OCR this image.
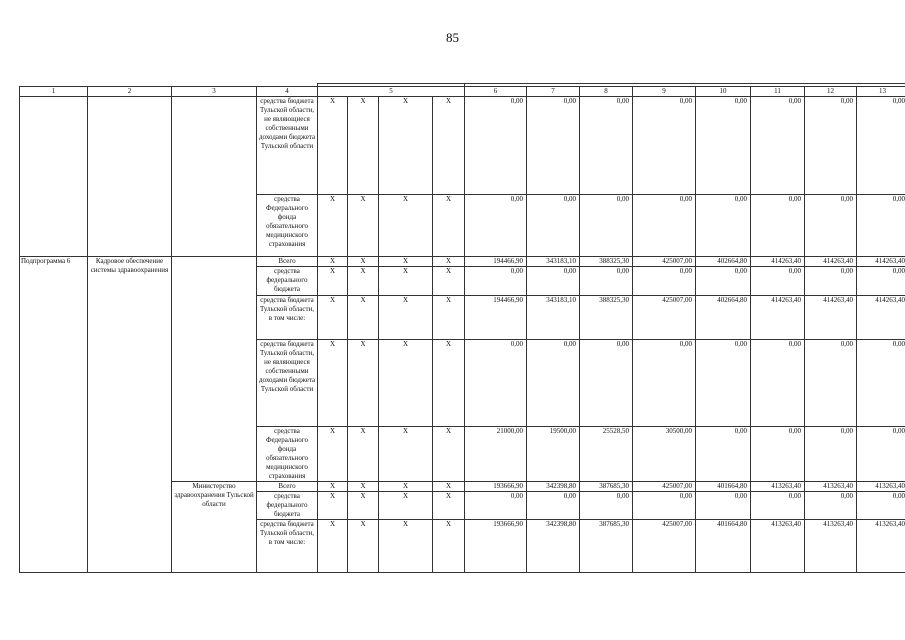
85

1	2	3	4	5				6	7	8	9	10	11	12	13
			средства бюджета Тульской области, не являющиеся собственными доходами бюджета Тульской области	X	X	X	X	0,00	0,00	0,00	0,00	0,00	0,00	0,00	0,00
			средства Федерального фонда обязательного медицинского страхования	X	X	X	X	0,00	0,00	0,00	0,00	0,00	0,00	0,00	0,00
Подпрограмма 6	Кадровое обеспечение системы здравоохранения		Всего	X	X	X	X	194466,90	343183,10	388325,30	425007,00	402664,80	414263,40	414263,40	414263,40
			средства федерального бюджета	X	X	X	X	0,00	0,00	0,00	0,00	0,00	0,00	0,00	0,00
			средства бюджета Тульской области, в том числе:	X	X	X	X	194466,90	343183,10	388325,30	425007,00	402664,80	414263,40	414263,40	414263,40
			средства бюджета Тульской области, не являющиеся собственными доходами бюджета Тульской области	X	X	X	X	0,00	0,00	0,00	0,00	0,00	0,00	0,00	0,00
			средства Федерального фонда обязательного медицинского страхования	X	X	X	X	21000,00	19500,00	25528,50	30500,00	0,00	0,00	0,00	0,00
		Министерство здравоохранения Тульской области	Всего	X	X	X	X	193666,90	342398,80	387685,30	425007,00	401664,80	413263,40	413263,40	413263,40
			средства федерального бюджета	X	X	X	X	0,00	0,00	0,00	0,00	0,00	0,00	0,00	0,00
			средства бюджета Тульской области, в том числе:	X	X	X	X	193666,90	342398,80	387685,30	425007,00	401664,80	413263,40	413263,40	413263,40
